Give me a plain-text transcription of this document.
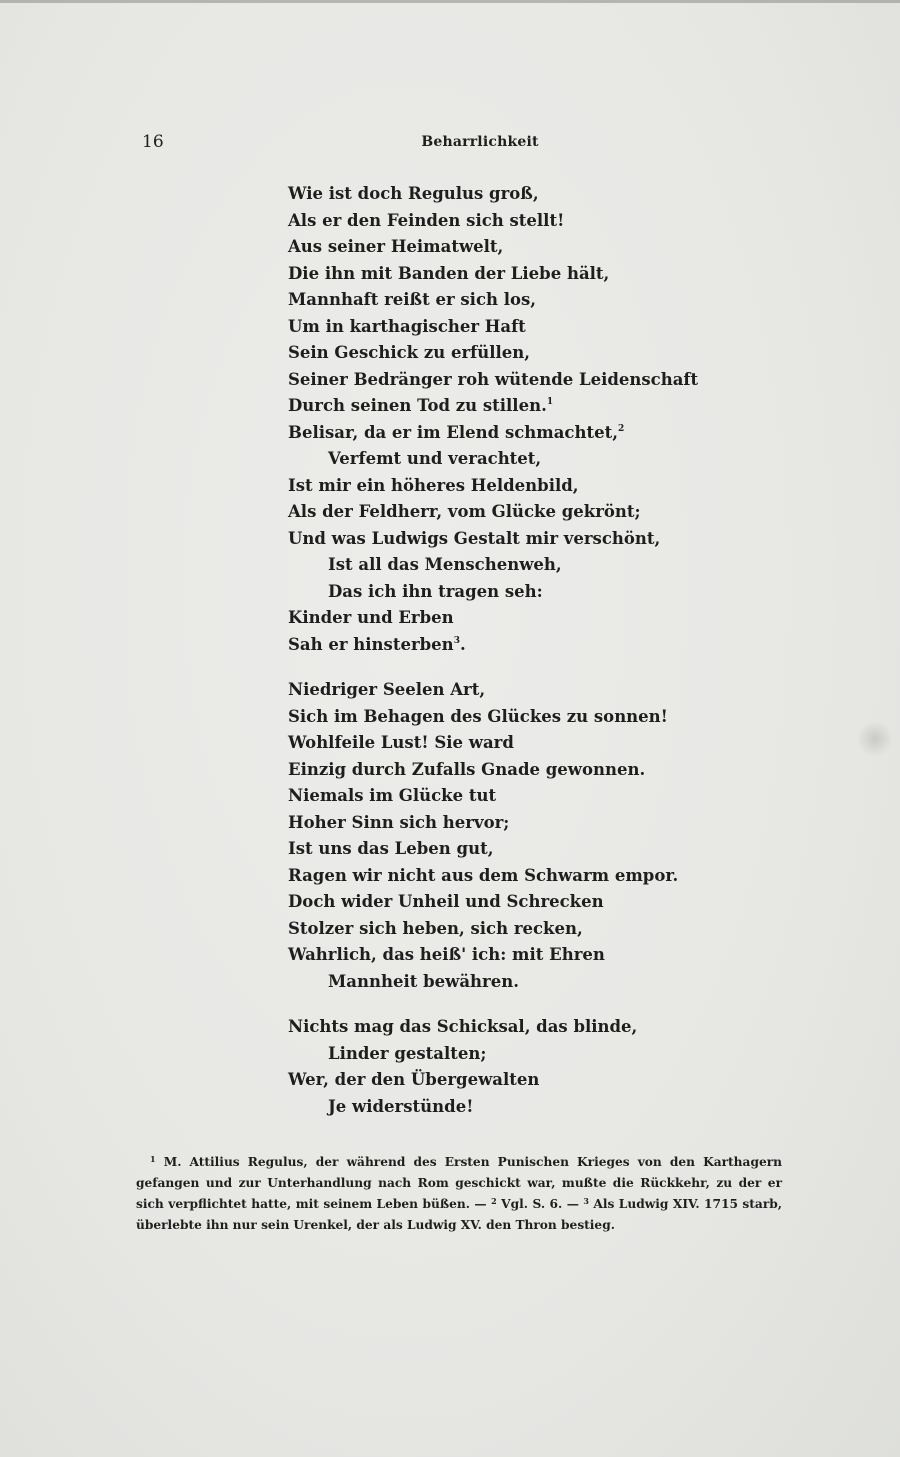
16	Beharrlichkeit
Wie ist doch Regulus groß,
Als er den Feinden sich stellt!
Aus seiner Heimatwelt,
Die ihn mit Banden der Liebe hält,
Mannhaft reißt er sich los,
Um in karthagischer Haft
Sein Geschick zu erfüllen,
Seiner Bedränger roh wütende Leidenschaft
Durch seinen Tod zu stillen.$^1$
Belisar, da er im Elend schmachtet,$^2$
Verfemt und verachtet,
Ist mir ein höheres Heldenbild,
Als der Feldherr, vom Glücke gekrönt;
Und was Ludwigs Gestalt mir verschönt,
Ist all das Menschenweh,
Das ich ihn tragen seh:
Kinder und Erben
Sah er hinsterben$^3$.
Niedriger Seelen Art,
Sich im Behagen des Glückes zu sonnen!
Wohlfeile Lust! Sie ward
Einzig durch Zufalls Gnade gewonnen.
Niemals im Glücke tut
Hoher Sinn sich hervor;
Ist uns das Leben gut,
Ragen wir nicht aus dem Schwarm empor.
Doch wider Unheil und Schrecken
Stolzer sich heben, sich recken,
Wahrlich, das heiß' ich: mit Ehren
Mannheit bewähren.
Nichts mag das Schicksal, das blinde,
Linder gestalten;
Wer, der den Übergewalten
Je widerstünde!
$^1$ M. Attilius Regulus, der während des Ersten Punischen Krieges von den Karthagern gefangen und zur Unterhandlung nach Rom geschickt war, mußte die Rückkehr, zu der er sich verpflichtet hatte, mit seinem Leben büßen. — $^2$ Vgl. S. 6. — $^3$ Als Ludwig XIV. 1715 starb, überlebte ihn nur sein Urenkel, der als Ludwig XV. den Thron bestieg.
